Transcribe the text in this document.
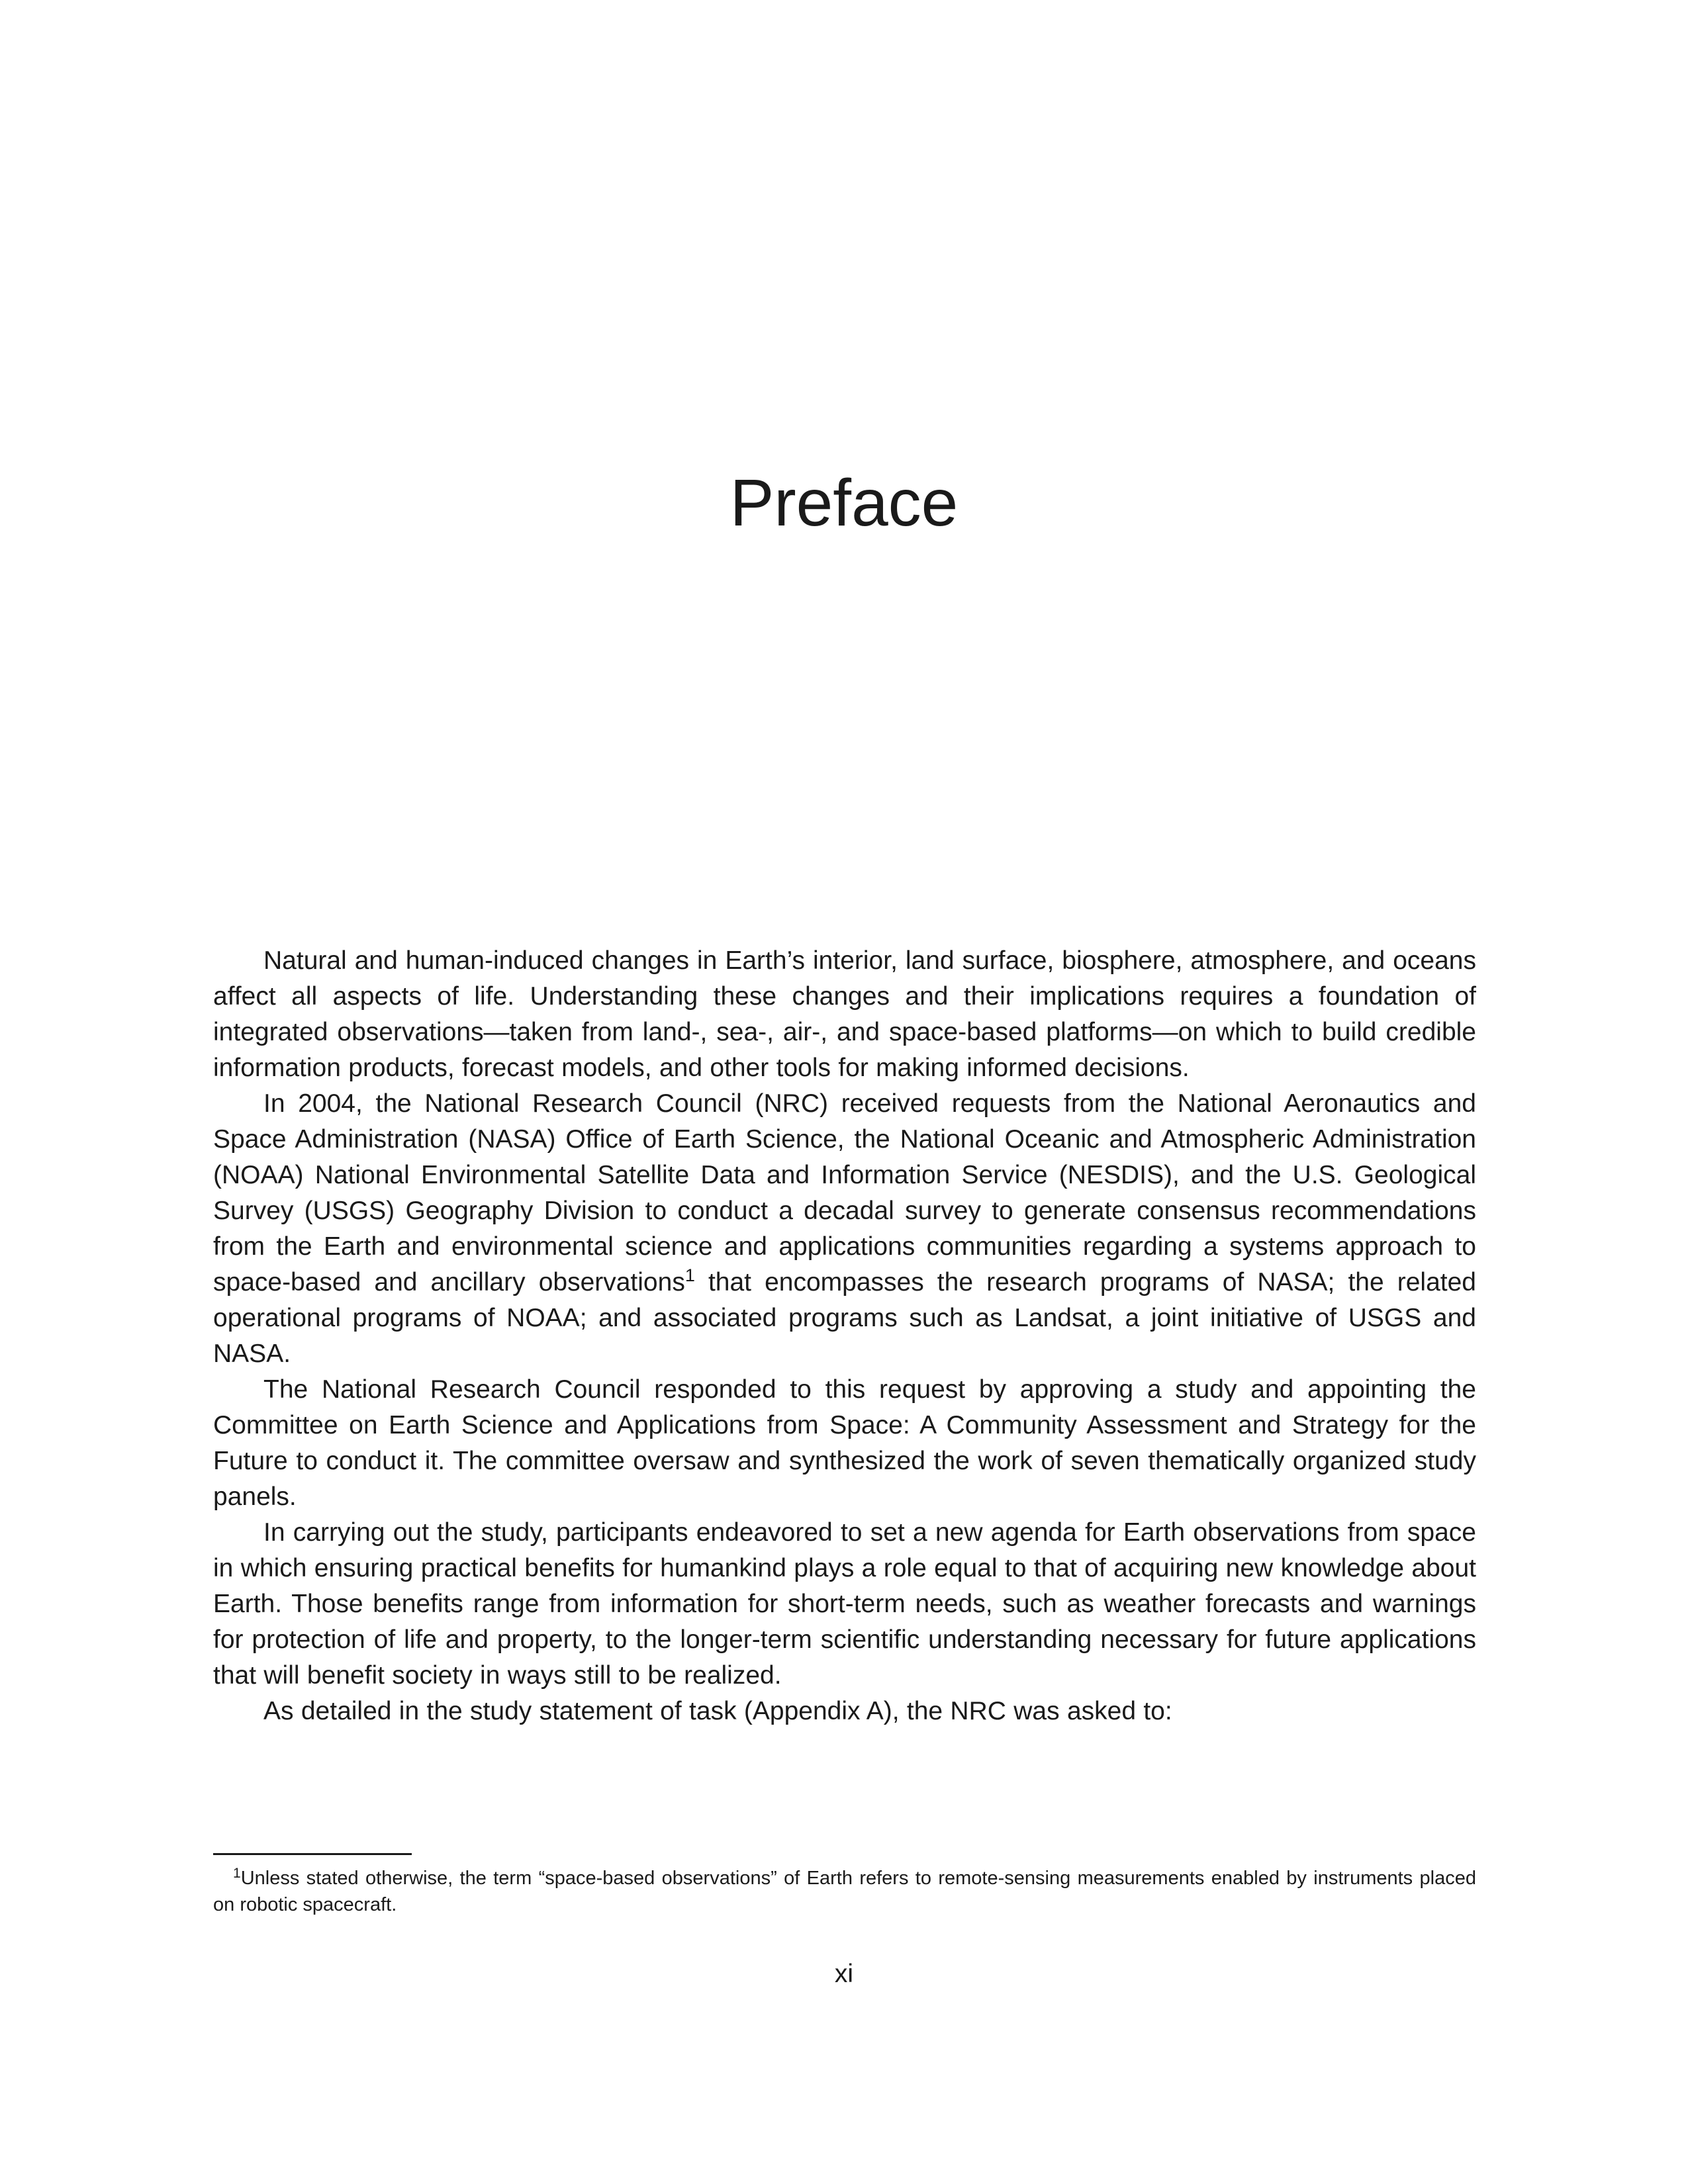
Preface

Natural and human-induced changes in Earth’s interior, land surface, biosphere, atmosphere, and oceans affect all aspects of life. Understanding these changes and their implications requires a foundation of integrated observations—taken from land-, sea-, air-, and space-based platforms—on which to build credible information products, forecast models, and other tools for making informed decisions.

In 2004, the National Research Council (NRC) received requests from the National Aeronautics and Space Administration (NASA) Office of Earth Science, the National Oceanic and Atmospheric Administration (NOAA) National Environmental Satellite Data and Information Service (NESDIS), and the U.S. Geological Survey (USGS) Geography Division to conduct a decadal survey to generate consensus recommendations from the Earth and environmental science and applications communities regarding a systems approach to space-based and ancillary observations$^1$ that encompasses the research programs of NASA; the related operational programs of NOAA; and associated programs such as Landsat, a joint initiative of USGS and NASA.

The National Research Council responded to this request by approving a study and appointing the Committee on Earth Science and Applications from Space: A Community Assessment and Strategy for the Future to conduct it. The committee oversaw and synthesized the work of seven thematically organized study panels.

In carrying out the study, participants endeavored to set a new agenda for Earth observations from space in which ensuring practical benefits for humankind plays a role equal to that of acquiring new knowledge about Earth. Those benefits range from information for short-term needs, such as weather forecasts and warnings for protection of life and property, to the longer-term scientific understanding necessary for future applications that will benefit society in ways still to be realized.

As detailed in the study statement of task (Appendix A), the NRC was asked to:

$^1$Unless stated otherwise, the term “space-based observations” of Earth refers to remote-sensing measurements enabled by instruments placed on robotic spacecraft.

xi
